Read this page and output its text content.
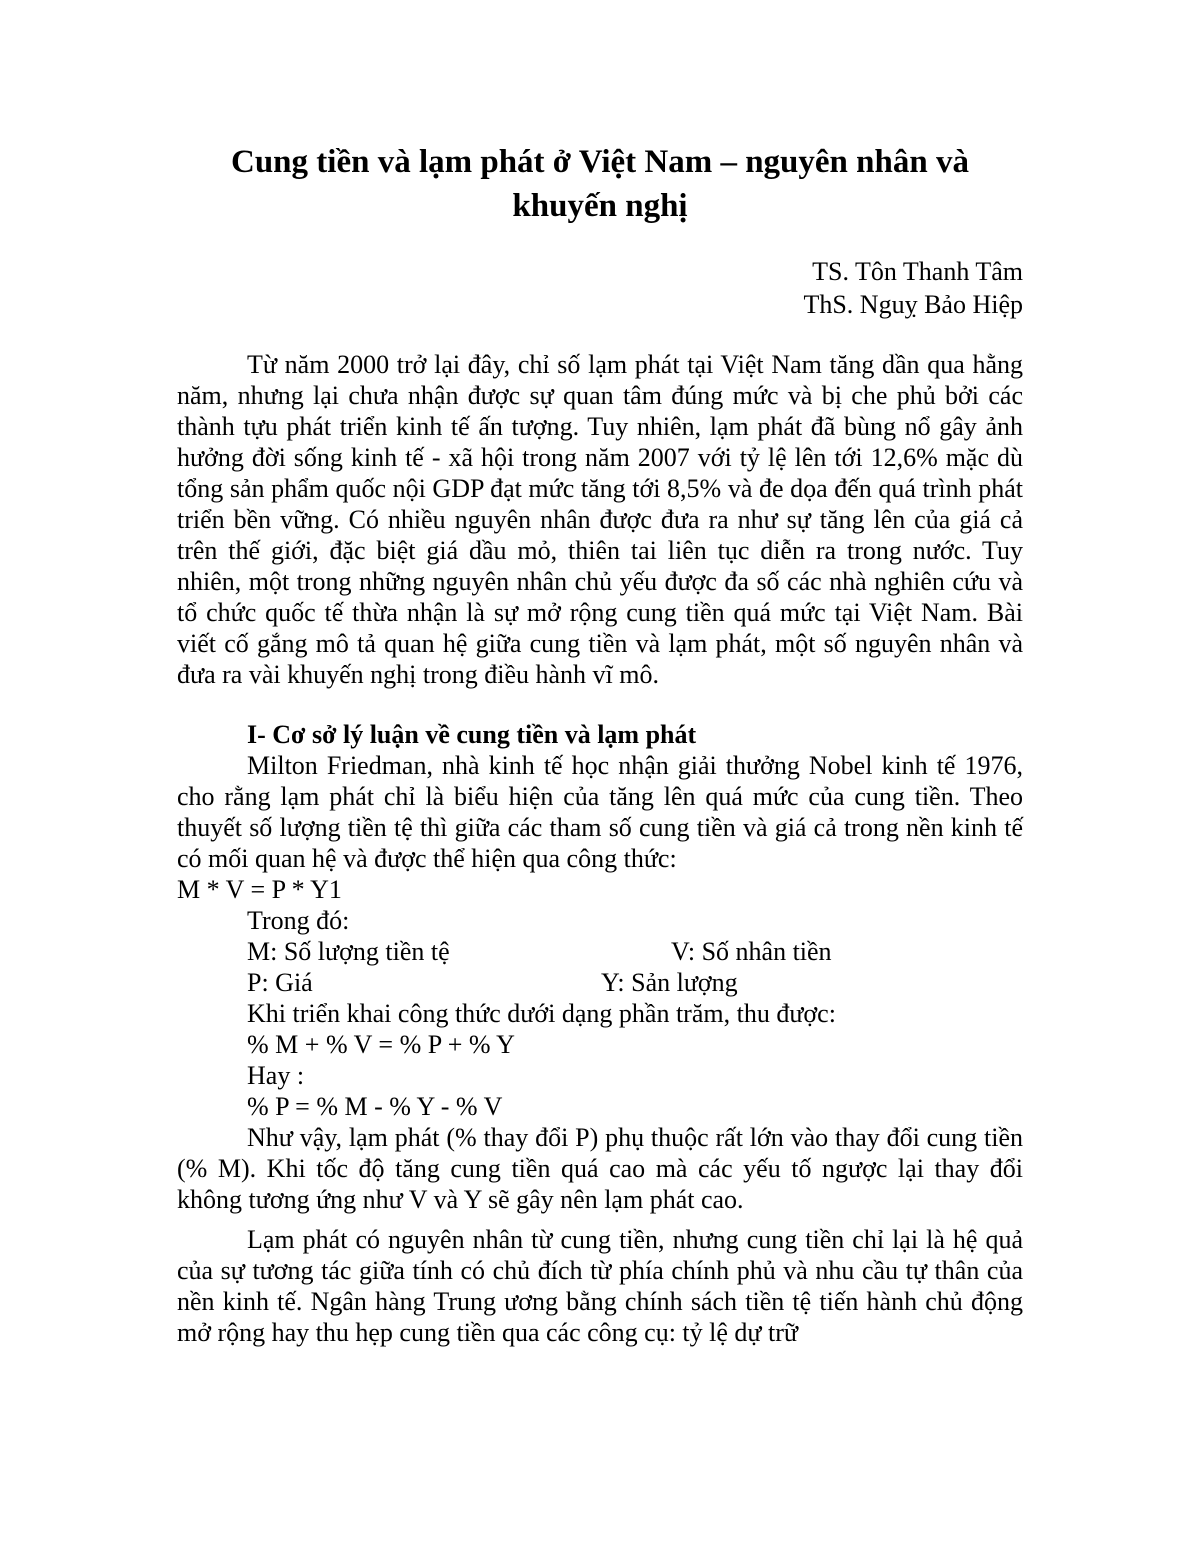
Cung tiền và lạm phát ở Việt Nam – nguyên nhân và khuyến nghị
TS. Tôn Thanh Tâm
ThS. Nguỵ Bảo Hiệp

Từ năm 2000 trở lại đây, chỉ số lạm phát tại Việt Nam tăng dần qua hằng năm, nhưng lại chưa nhận được sự quan tâm đúng mức và bị che phủ bởi các thành tựu phát triển kinh tế ấn tượng. Tuy nhiên, lạm phát đã bùng nổ gây ảnh hưởng đời sống kinh tế - xã hội trong năm 2007 với tỷ lệ lên tới 12,6% mặc dù tổng sản phẩm quốc nội GDP đạt mức tăng tới 8,5% và đe dọa đến quá trình phát triển bền vững. Có nhiều nguyên nhân được đưa ra như sự tăng lên của giá cả trên thế giới, đặc biệt giá dầu mỏ, thiên tai liên tục diễn ra trong nước. Tuy nhiên, một trong những nguyên nhân chủ yếu được đa số các nhà nghiên cứu và tổ chức quốc tế thừa nhận là sự mở rộng cung tiền quá mức tại Việt Nam. Bài viết cố gắng mô tả quan hệ giữa cung tiền và lạm phát, một số nguyên nhân và đưa ra vài khuyến nghị trong điều hành vĩ mô.

I- Cơ sở lý luận về cung tiền và lạm phát

Milton Friedman, nhà kinh tế học nhận giải thưởng Nobel kinh tế 1976, cho rằng lạm phát chỉ là biểu hiện của tăng lên quá mức của cung tiền. Theo thuyết số lượng tiền tệ thì giữa các tham số cung tiền và giá cả trong nền kinh tế có mối quan hệ và được thể hiện qua công thức:

M * V = P * Y1
Trong đó:
M: Số lượng tiền tệ	V: Số nhân tiền
P: Giá	Y: Sản lượng
Khi triển khai công thức dưới dạng phần trăm, thu được:
% M + % V = % P + % Y
Hay :
% P = % M - % Y - % V

Như vậy, lạm phát (% thay đổi P) phụ thuộc rất lớn vào thay đổi cung tiền (% M). Khi tốc độ tăng cung tiền quá cao mà các yếu tố ngược lại thay đổi không tương ứng như V và Y sẽ gây nên lạm phát cao.

Lạm phát có nguyên nhân từ cung tiền, nhưng cung tiền chỉ lại là hệ quả của sự tương tác giữa tính có chủ đích từ phía chính phủ và nhu cầu tự thân của nền kinh tế. Ngân hàng Trung ương bằng chính sách tiền tệ tiến hành chủ động mở rộng hay thu hẹp cung tiền qua các công cụ: tỷ lệ dự trữ
